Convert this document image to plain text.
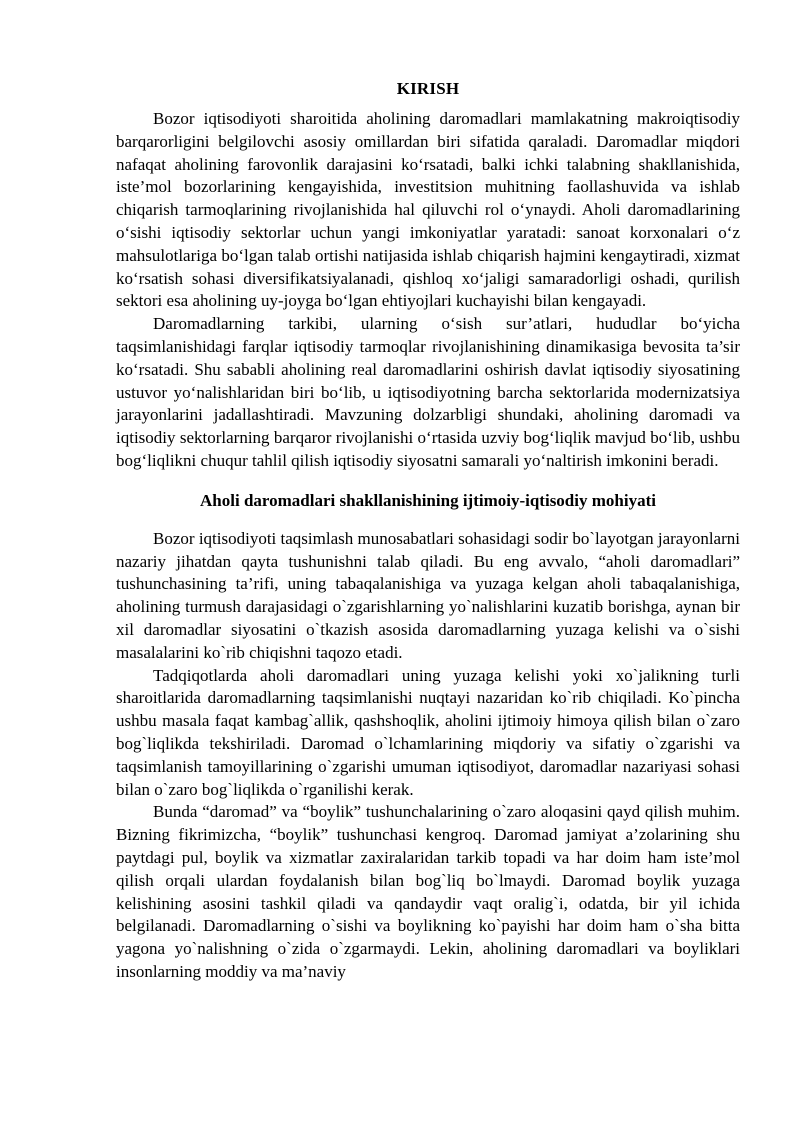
KIRISH

Bozor iqtisodiyoti sharoitida aholining daromadlari mamlakatning makroiqtisodiy barqarorligini belgilovchi asosiy omillardan biri sifatida qaraladi. Daromadlar miqdori nafaqat aholining farovonlik darajasini ko‘rsatadi, balki ichki talabning shakllanishida, iste’mol bozorlarining kengayishida, investitsion muhitning faollashuvida va ishlab chiqarish tarmoqlarining rivojlanishida hal qiluvchi rol o‘ynaydi. Aholi daromadlarining o‘sishi iqtisodiy sektorlar uchun yangi imkoniyatlar yaratadi: sanoat korxonalari o‘z mahsulotlariga bo‘lgan talab ortishi natijasida ishlab chiqarish hajmini kengaytiradi, xizmat ko‘rsatish sohasi diversifikatsiyalanadi, qishloq xo‘jaligi samaradorligi oshadi, qurilish sektori esa aholining uy-joyga bo‘lgan ehtiyojlari kuchayishi bilan kengayadi.

Daromadlarning tarkibi, ularning o‘sish sur’atlari, hududlar bo‘yicha taqsimlanishidagi farqlar iqtisodiy tarmoqlar rivojlanishining dinamikasiga bevosita ta’sir ko‘rsatadi. Shu sababli aholining real daromadlarini oshirish davlat iqtisodiy siyosatining ustuvor yo‘nalishlaridan biri bo‘lib, u iqtisodiyotning barcha sektorlarida modernizatsiya jarayonlarini jadallashtiradi. Mavzuning dolzarbligi shundaki, aholining daromadi va iqtisodiy sektorlarning barqaror rivojlanishi o‘rtasida uzviy bog‘liqlik mavjud bo‘lib, ushbu bog‘liqlikni chuqur tahlil qilish iqtisodiy siyosatni samarali yo‘naltirish imkonini beradi.

Aholi daromadlari shakllanishining ijtimoiy-iqtisodiy mohiyati

Bozor iqtisodiyoti taqsimlash munosabatlari sohasidagi sodir bo`layotgan jarayonlarni nazariy jihatdan qayta tushunishni talab qiladi. Bu eng avvalo, “aholi daromadlari” tushunchasining ta’rifi, uning tabaqalanishiga va yuzaga kelgan aholi tabaqalanishiga, aholining turmush darajasidagi o`zgarishlarning yo`nalishlarini kuzatib borishga, aynan bir xil daromadlar siyosatini o`tkazish asosida daromadlarning yuzaga kelishi va o`sishi masalalarini ko`rib chiqishni taqozo etadi.

Tadqiqotlarda aholi daromadlari uning yuzaga kelishi yoki xo`jalikning turli sharoitlarida daromadlarning taqsimlanishi nuqtayi nazaridan ko`rib chiqiladi. Ko`pincha ushbu masala faqat kambag`allik, qashshoqlik, aholini ijtimoiy himoya qilish bilan o`zaro bog`liqlikda tekshiriladi. Daromad o`lchamlarining miqdoriy va sifatiy o`zgarishi va taqsimlanish tamoyillarining o`zgarishi umuman iqtisodiyot, daromadlar nazariyasi sohasi bilan o`zaro bog`liqlikda o`rganilishi kerak.

Bunda “daromad” va “boylik” tushunchalarining o`zaro aloqasini qayd qilish muhim. Bizning fikrimizcha, “boylik” tushunchasi kengroq. Daromad jamiyat a’zolarining shu paytdagi pul, boylik va xizmatlar zaxiralaridan tarkib topadi va har doim ham iste’mol qilish orqali ulardan foydalanish bilan bog`liq bo`lmaydi. Daromad boylik yuzaga kelishining asosini tashkil qiladi va qandaydir vaqt oralig`i, odatda, bir yil ichida belgilanadi. Daromadlarning o`sishi va boylikning ko`payishi har doim ham o`sha bitta yagona yo`nalishning o`zida o`zgarmaydi. Lekin, aholining daromadlari va boyliklari insonlarning moddiy va ma’naviy
